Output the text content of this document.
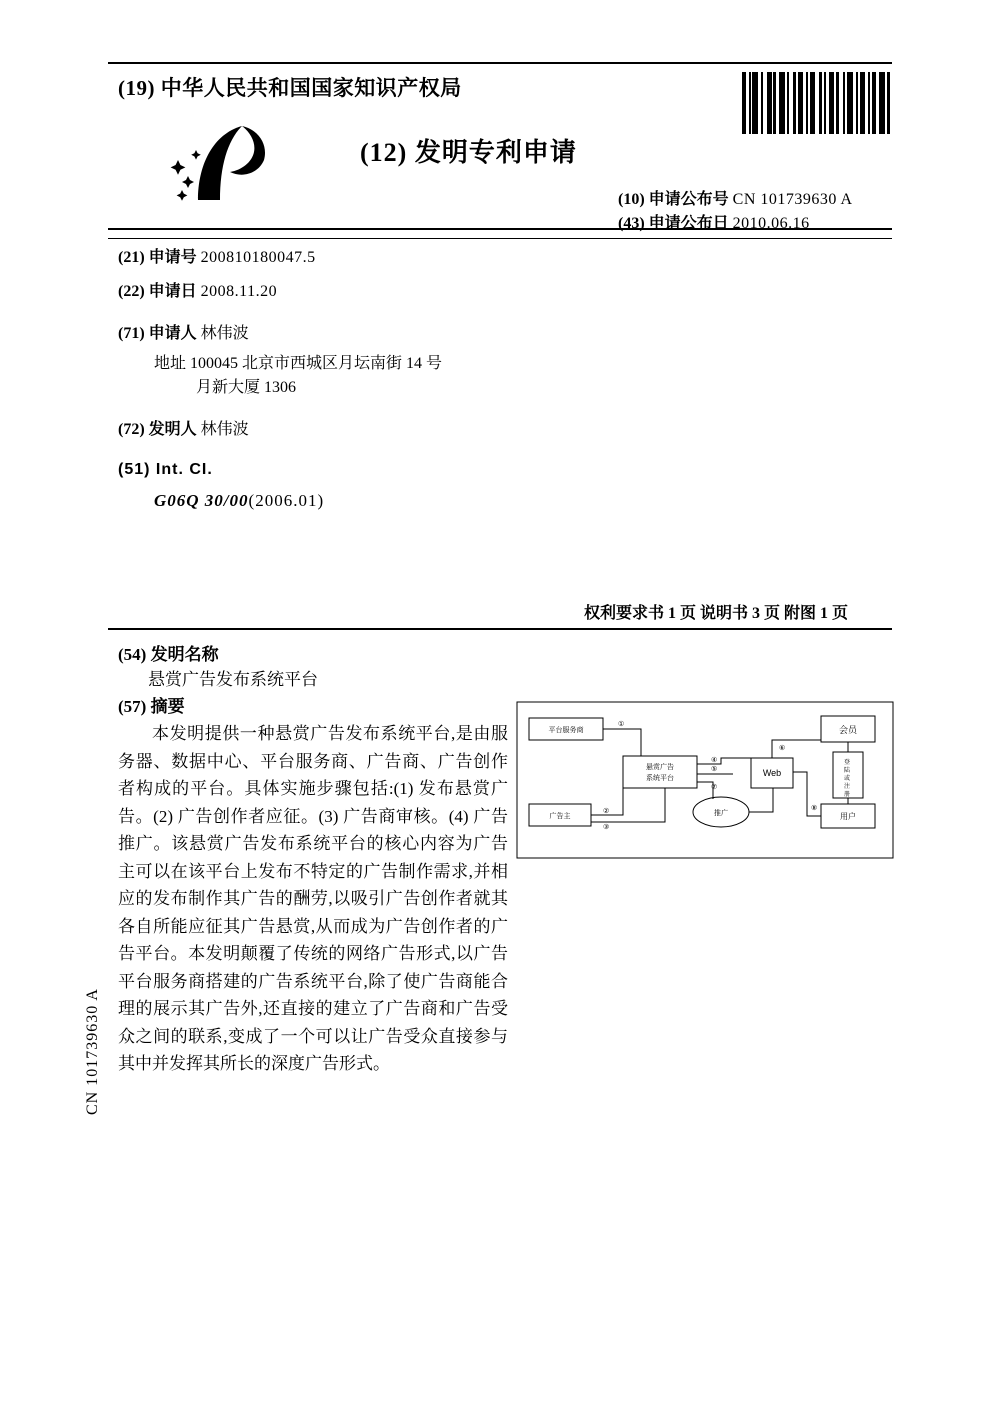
(19) 中华人民共和国国家知识产权局
(12) 发明专利申请
(10) 申请公布号 CN 101739630 A
(43) 申请公布日 2010.06.16
(21) 申请号 200810180047.5
(22) 申请日 2008.11.20
(71) 申请人 林伟波
地址 100045 北京市西城区月坛南街 14 号
月新大厦 1306
(72) 发明人 林伟波
(51) Int. CI.
G06Q 30/00(2006.01)
权利要求书 1 页 说明书 3 页 附图 1 页
(54) 发明名称
悬赏广告发布系统平台
(57) 摘要
本发明提供一种悬赏广告发布系统平台,是由服务器、数据中心、平台服务商、广告商、广告创作者构成的平台。具体实施步骤包括:(1) 发布悬赏广告。(2) 广告创作者应征。(3) 广告商审核。(4) 广告推广。该悬赏广告发布系统平台的核心内容为广告主可以在该平台上发布不特定的广告制作需求,并相应的发布制作其广告的酬劳,以吸引广告创作者就其各自所能应征其广告悬赏,从而成为广告创作者的广告平台。本发明颠覆了传统的网络广告形式,以广告平台服务商搭建的广告系统平台,除了使广告商能合理的展示其广告外,还直接的建立了广告商和广告受众之间的联系,变成了一个可以让广告受众直接参与其中并发挥其所长的深度广告形式。
CN 101739630 A
平台服务商
广告主
悬赏广告
系统平台
推广
Web
会员
用户
登
陆
或
注
册
①
④
⑤
⑦
②
③
⑥
⑧
